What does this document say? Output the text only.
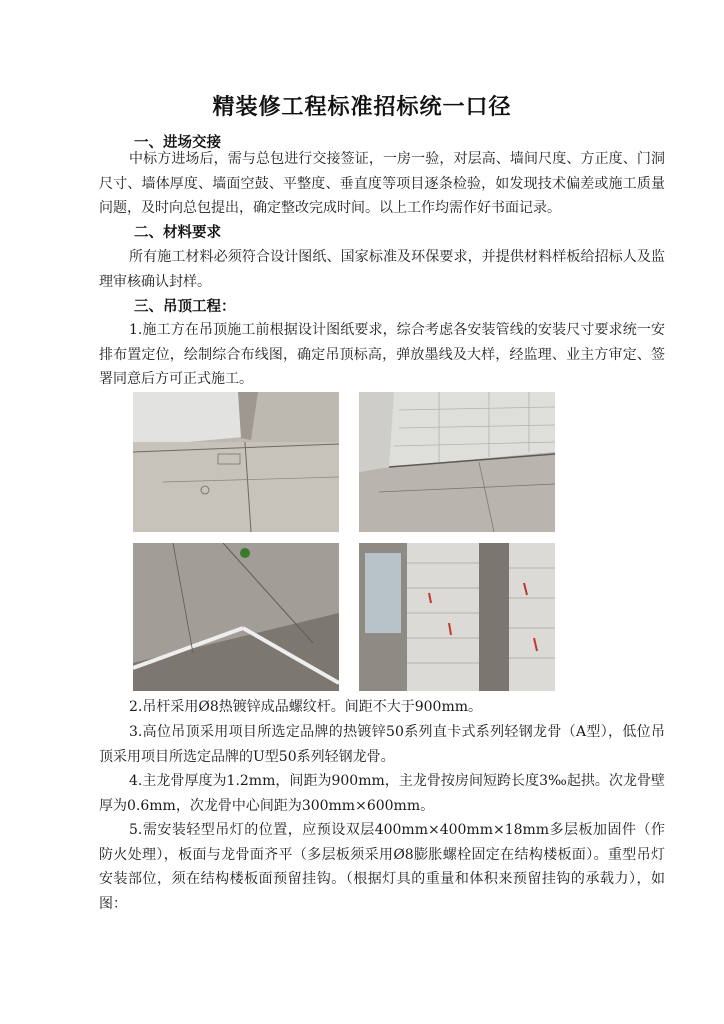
精装修工程标准招标统一口径
一、进场交接

中标方进场后，需与总包进行交接签证，一房一验，对层高、墙间尺度、方正度、门洞尺寸、墙体厚度、墙面空鼓、平整度、垂直度等项目逐条检验，如发现技术偏差或施工质量问题，及时向总包提出，确定整改完成时间。以上工作均需作好书面记录。

二、材料要求

所有施工材料必须符合设计图纸、国家标准及环保要求，并提供材料样板给招标人及监理审核确认封样。

三、吊顶工程：

1.施工方在吊顶施工前根据设计图纸要求，综合考虑各安装管线的安装尺寸要求统一安排布置定位，绘制综合布线图，确定吊顶标高，弹放墨线及大样，经监理、业主方审定、签署同意后方可正式施工。

2.吊杆采用Ø8热镀锌成品螺纹杆。间距不大于900mm。

3.高位吊顶采用项目所选定品牌的热镀锌50系列直卡式系列轻钢龙骨（A型），低位吊顶采用项目所选定品牌的U型50系列轻钢龙骨。

4.主龙骨厚度为1.2mm，间距为900mm，主龙骨按房间短跨长度3‰起拱。次龙骨壁厚为0.6mm，次龙骨中心间距为300mm×600mm。

5.需安装轻型吊灯的位置，应预设双层400mm×400mm×18mm多层板加固件（作防火处理），板面与龙骨面齐平（多层板须采用Ø8膨胀螺栓固定在结构楼板面）。重型吊灯安装部位，须在结构楼板面预留挂钩。（根据灯具的重量和体积来预留挂钩的承载力），如图：
